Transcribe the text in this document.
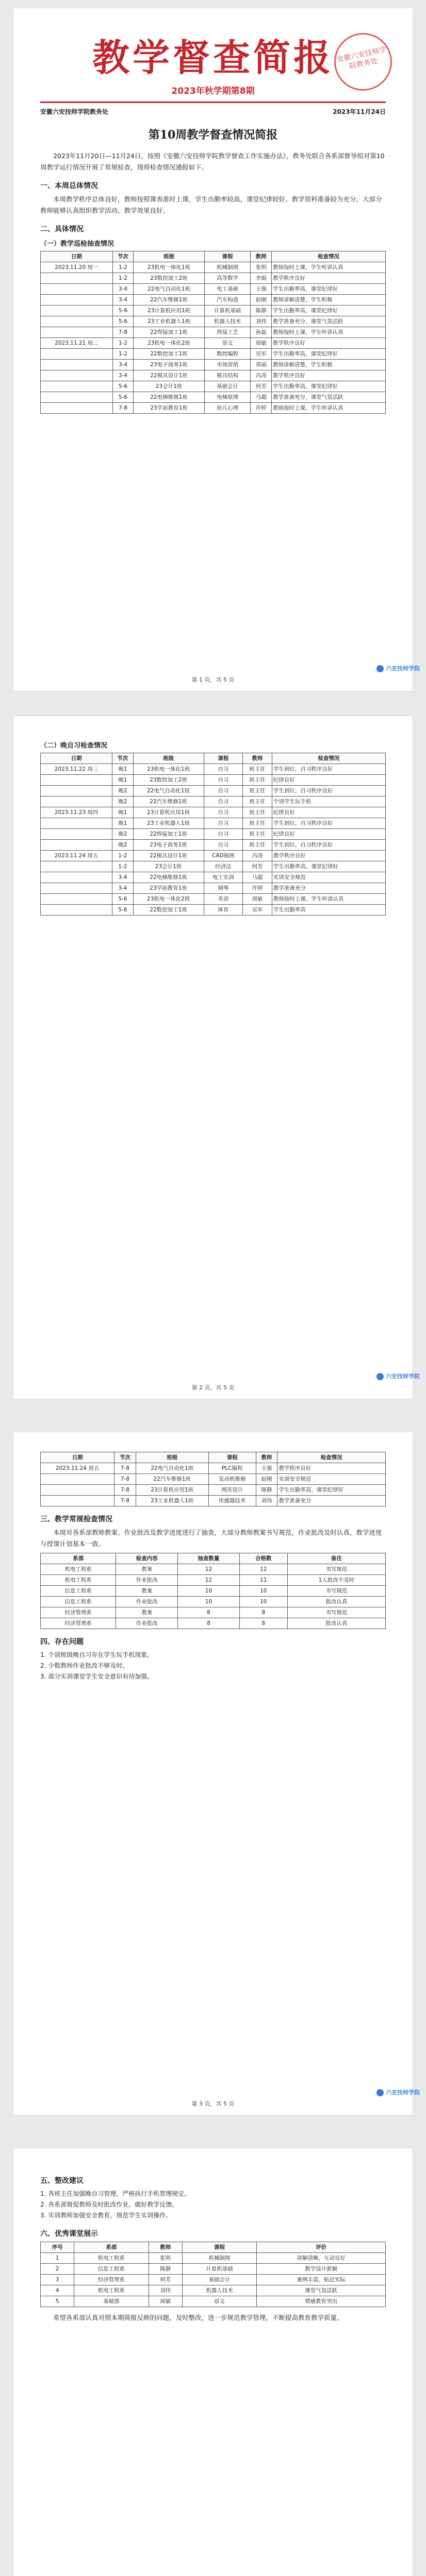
教学督查简报
2023年秋学期第8期
安徽六安技师学院教务处
安徽六安技师学院教务处	2023年11月24日
第10周教学督查情况简报

2023年11月20日—11月24日，按照《安徽六安技师学院教学督查工作实施办法》，教务处联合各系部督导组对第10周教学运行情况开展了常规检查，现将检查情况通报如下。

一、本周总体情况

本周教学秩序总体良好，教师按照课表准时上课，学生出勤率较高，课堂纪律较好。教学资料准备较为充分，大部分教师能够认真组织教学活动，教学效果良好。

二、具体情况
（一）教学巡检抽查情况
日期	节次	班级	课程	教师	检查情况
2023.11.20 周一	1-2	23机电一体化1班	机械制图	张明	教师按时上课，学生听讲认真
	1-2	23数控加工2班	高等数学	李娟	教学秩序良好
	3-4	22电气自动化1班	电工基础	王强	学生出勤率高，课堂纪律好
	3-4	22汽车维修1班	汽车构造	赵刚	教师讲解清楚，学生积极
	5-6	23计算机应用1班	计算机基础	陈静	学生出勤率高，课堂纪律好
	5-6	23工业机器人1班	机器人技术	刘伟	教学准备充分，课堂气氛活跃
	7-8	22焊接加工1班	焊接工艺	孙磊	教师按时上课，学生听讲认真
2023.11.21 周二	1-2	23机电一体化2班	语文	周敏	教学秩序良好
	1-2	22数控加工1班	数控编程	吴军	学生出勤率高，课堂纪律好
	3-4	23电子商务1班	市场营销	郑丽	教师讲解清楚，学生积极
	3-4	22模具设计1班	模具结构	冯涛	教学秩序良好
	5-6	23会计1班	基础会计	何芳	学生出勤率高，课堂纪律好
	5-6	22电梯维修1班	电梯原理	马超	教学准备充分，课堂气氛活跃
	7-8	23学前教育1班	幼儿心理	许婷	教师按时上课，学生听讲认真
六安技师学院
第 1 页，共 5 页
（二）晚自习检查情况
日期	节次	班级	课程	教师	检查情况
2023.11.22 周三	晚1	23机电一体化1班	自习	班主任	学生到位，自习秩序良好
	晚1	23数控加工2班	自习	班主任	纪律良好
	晚2	22电气自动化1班	自习	班主任	学生到位，自习秩序良好
	晚2	22汽车维修1班	自习	班主任	个别学生玩手机
2023.11.23 周四	晚1	23计算机应用1班	自习	班主任	纪律良好
	晚1	23工业机器人1班	自习	班主任	学生到位，自习秩序良好
	晚2	22焊接加工1班	自习	班主任	纪律良好
	晚2	23电子商务1班	自习	班主任	学生到位，自习秩序良好
2023.11.24 周五	1-2	22模具设计1班	CAD制图	冯涛	教学秩序良好
	1-2	23会计1班	经济法	何芳	学生出勤率高，课堂纪律好
	3-4	22电梯维修1班	电工实训	马超	实训安全规范
	3-4	23学前教育1班	钢琴	许婷	教学准备充分
	5-6	23机电一体化2班	英语	周敏	教师按时上课，学生听讲认真
	5-6	22数控加工1班	体育	吴军	学生出勤率高
六安技师学院
第 2 页，共 5 页
日期	节次	班级	课程	教师	检查情况
2023.11.24 周五	7-8	22电气自动化1班	PLC编程	王强	教学秩序良好
	7-8	22汽车维修1班	发动机维修	赵刚	实训安全规范
	7-8	23计算机应用1班	网页设计	陈静	学生出勤率高，课堂纪律好
	7-8	23工业机器人1班	传感器技术	刘伟	教学准备充分
三、教学常规检查情况

本周对各系部教师教案、作业批改及教学进度进行了抽查，大部分教师教案书写规范，作业批改及时认真，教学进度与授课计划基本一致。

系部	检查内容	抽查数量	合格数	备注
机电工程系	教案	12	12	书写规范
机电工程系	作业批改	12	11	1人批改不及时
信息工程系	教案	10	10	书写规范
信息工程系	作业批改	10	10	批改认真
经济管理系	教案	8	8	书写规范
经济管理系	作业批改	8	8	批改认真
四、存在问题

1. 个别班级晚自习存在学生玩手机现象。

2. 少数教师作业批改不够及时。

3. 部分实训课堂学生安全意识有待加强。

六安技师学院
第 3 页，共 5 页
五、整改建议

1. 各班主任加强晚自习管理，严格执行手机管理规定。

2. 各系部督促教师及时批改作业，做好教学反馈。

3. 实训教师加强安全教育，规范学生实训操作。

六、优秀课堂展示
序号	系部	教师	课程	评价
1	机电工程系	张明	机械制图	讲解清晰，互动良好
2	信息工程系	陈静	计算机基础	教学设计新颖
3	经济管理系	何芳	基础会计	案例丰富，贴近实际
4	机电工程系	刘伟	机器人技术	课堂气氛活跃
5	基础部	周敏	语文	情感教育突出

希望各系部认真对照本期简报反映的问题，及时整改，进一步规范教学管理，不断提高教育教学质量。
